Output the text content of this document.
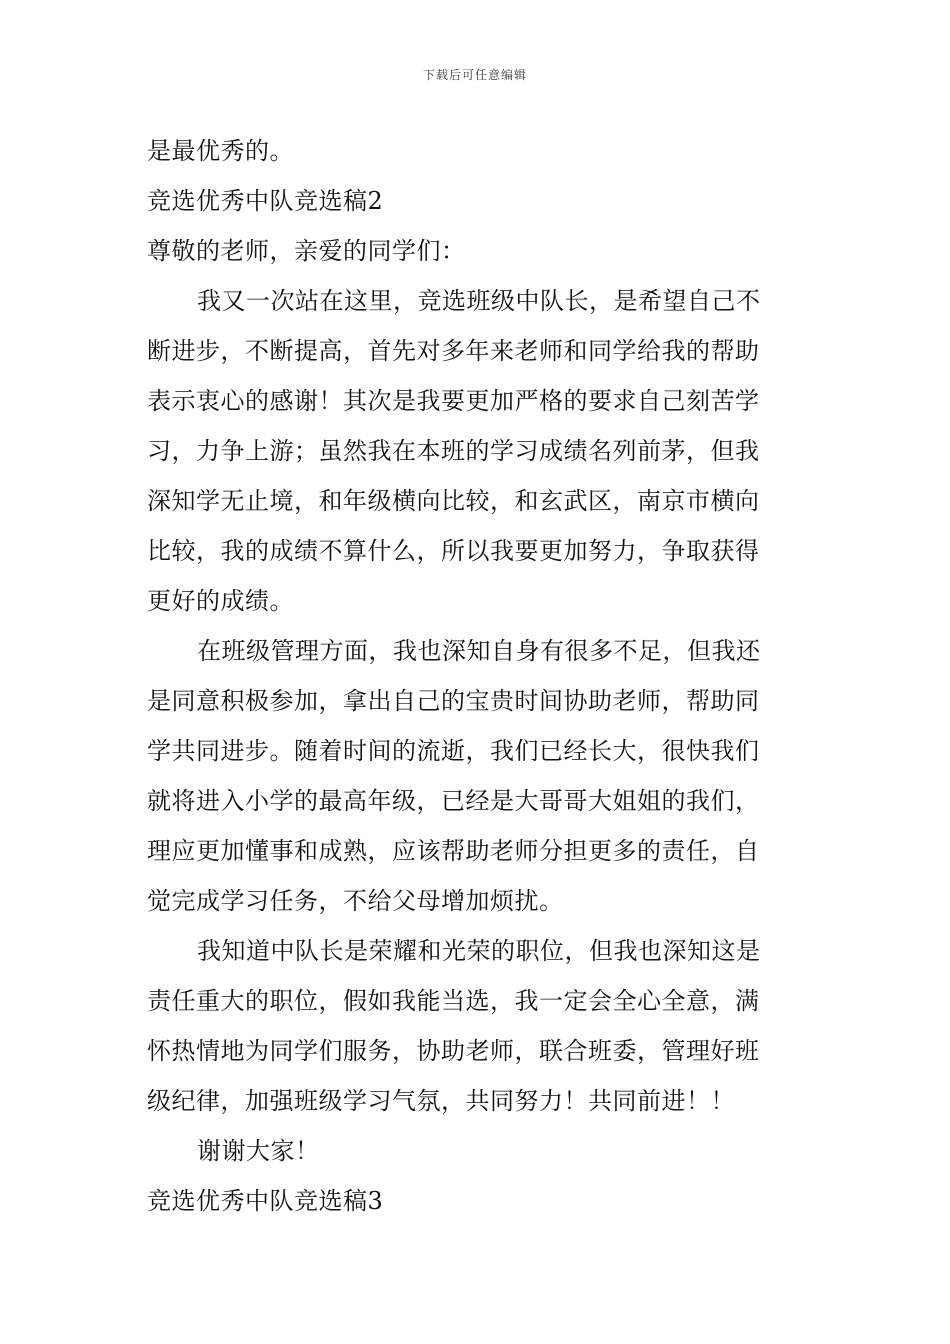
下载后可任意编辑
是最优秀的。
竞选优秀中队竞选稿2
尊敬的老师，亲爱的同学们：
我又一次站在这里，竞选班级中队长，是希望自己不
断进步，不断提高，首先对多年来老师和同学给我的帮助
表示衷心的感谢！其次是我要更加严格的要求自己刻苦学
习，力争上游；虽然我在本班的学习成绩名列前茅，但我
深知学无止境，和年级横向比较，和玄武区，南京市横向
比较，我的成绩不算什么，所以我要更加努力，争取获得
更好的成绩。
在班级管理方面，我也深知自身有很多不足，但我还
是同意积极参加，拿出自己的宝贵时间协助老师，帮助同
学共同进步。随着时间的流逝，我们已经长大，很快我们
就将进入小学的最高年级，已经是大哥哥大姐姐的我们，
理应更加懂事和成熟，应该帮助老师分担更多的责任，自
觉完成学习任务，不给父母增加烦扰。
我知道中队长是荣耀和光荣的职位，但我也深知这是
责任重大的职位，假如我能当选，我一定会全心全意，满
怀热情地为同学们服务，协助老师，联合班委，管理好班
级纪律，加强班级学习气氛，共同努力！共同前进！！
谢谢大家！
竞选优秀中队竞选稿3
